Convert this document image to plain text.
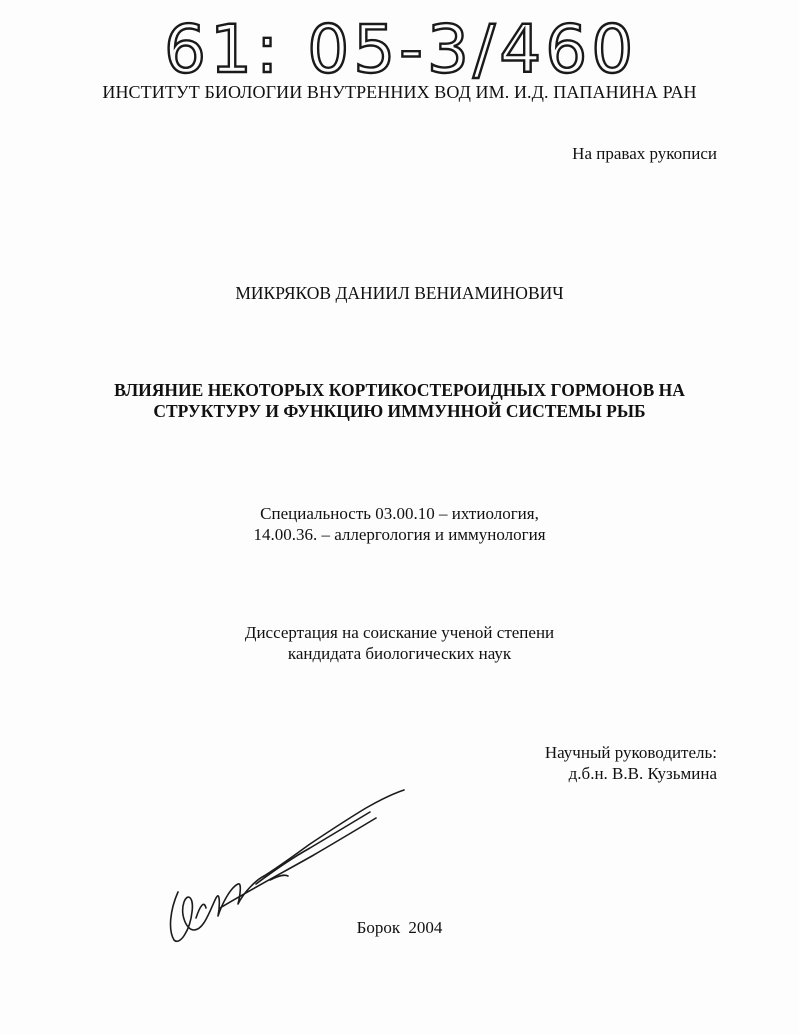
61: 05-3/460
ИНСТИТУТ БИОЛОГИИ ВНУТРЕННИХ ВОД ИМ. И.Д. ПАПАНИНА РАН
На правах рукописи
МИКРЯКОВ ДАНИИЛ ВЕНИАМИНОВИЧ
ВЛИЯНИЕ НЕКОТОРЫХ КОРТИКОСТЕРОИДНЫХ ГОРМОНОВ НА
СТРУКТУРУ И ФУНКЦИЮ ИММУННОЙ СИСТЕМЫ РЫБ
Специальность 03.00.10 – ихтиология,
14.00.36. – аллергология и иммунология
Диссертация на соискание ученой степени
кандидата биологических наук
Научный руководитель:
д.б.н. В.В. Кузьмина
Борок 2004
